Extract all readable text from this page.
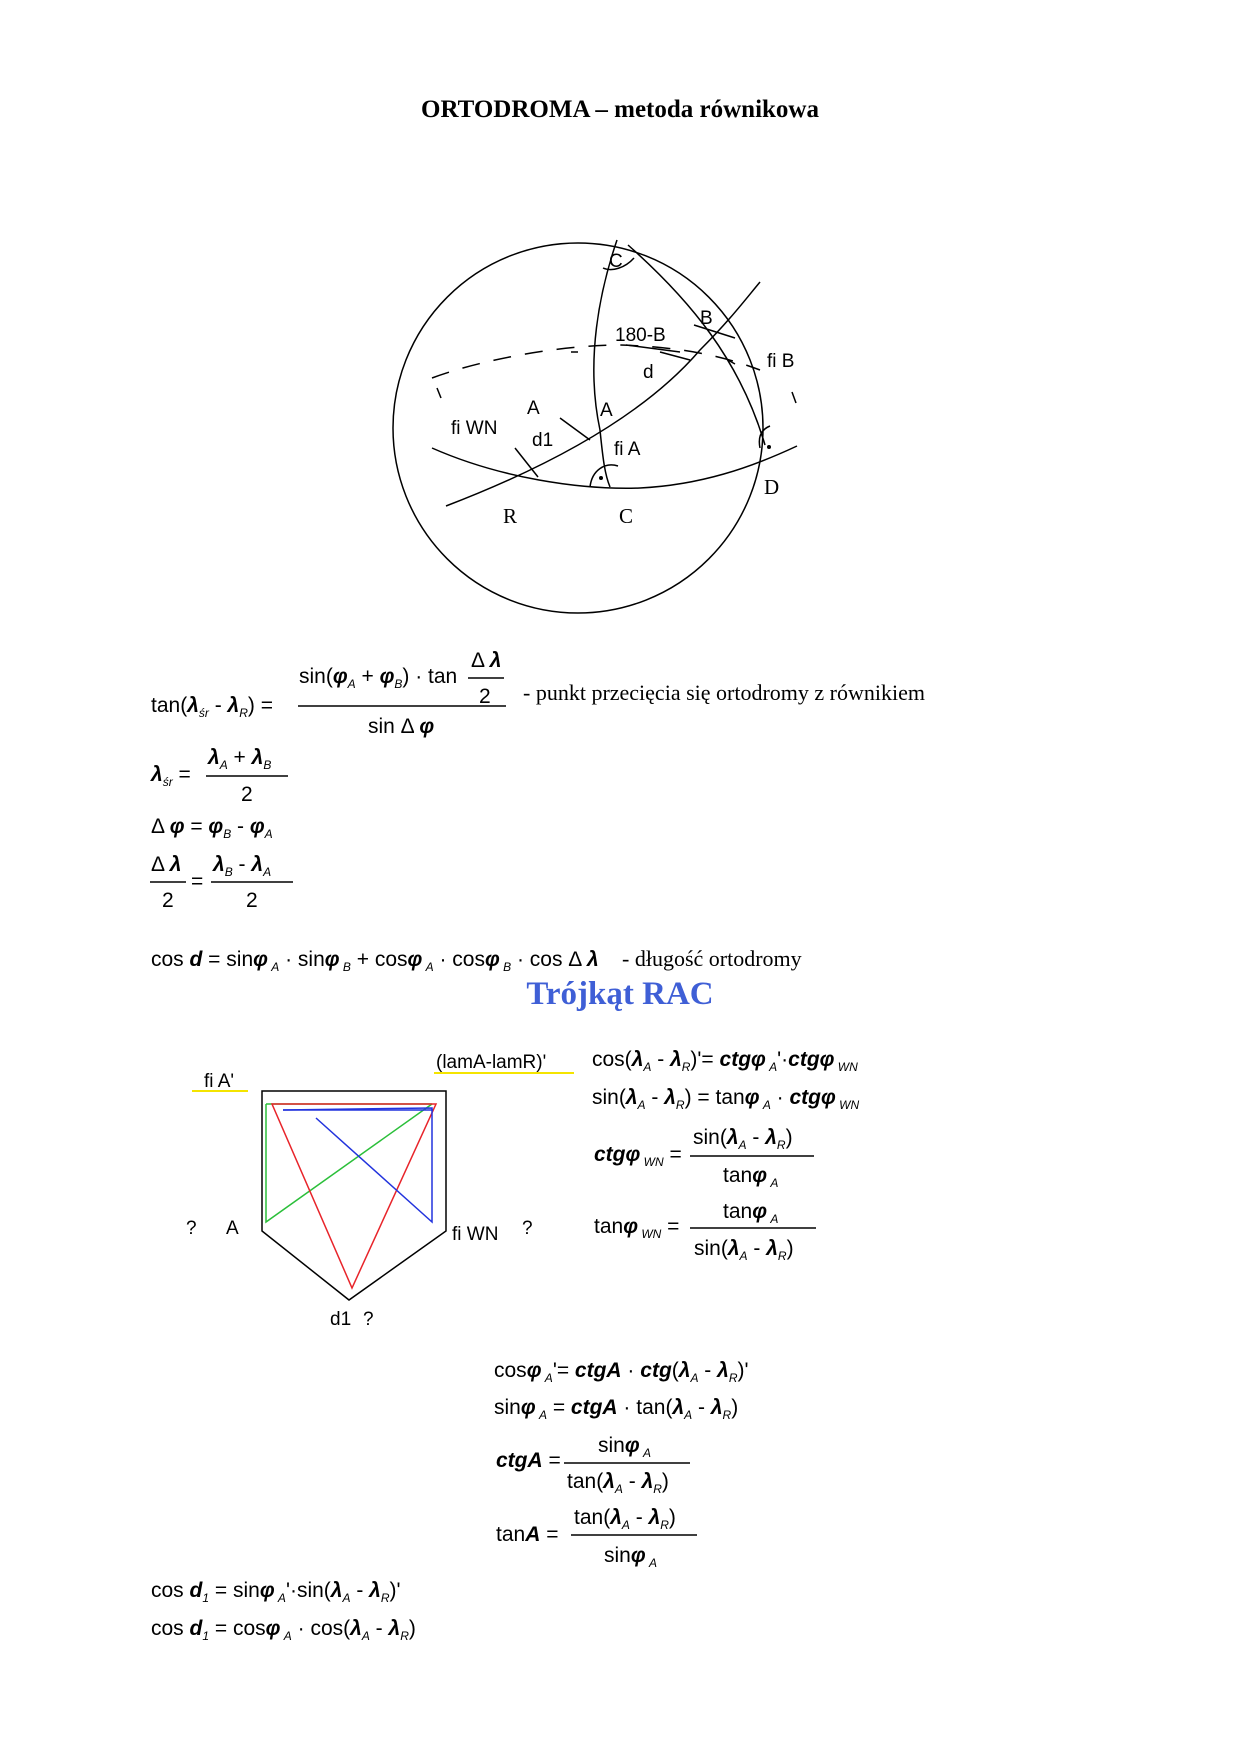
ORTODROMA – metoda równikowa
C
B
180-B
d
fi B
A	A
fi WN
d1	fi A
R	C
D
$\tan(\lambda_{śr} - \lambda_R)$ =
$\sin(\varphi_A + \varphi_B) \cdot \tan$
Δ λ
2
sin Δ φ
$\lambda_{śr}$ =
$\lambda_A + \lambda_B$
2
Δ $\varphi = \varphi_B - \varphi_A$
Δ λ
2
=
$\lambda_B - \lambda_A$
2
cos d = sinφ $_A$ · sinφ $_B$ + cosφ $_A$ · cosφ $_B$ · cos Δ λ
- punkt przecięcia się ortodromy z równikiem
- długość ortodromy
Trójkąt RAC
fi A'
(lamA-lamR)'
? A	fi WN ?
d1 ?
$\cos(\lambda_A - \lambda_R)'= ctg\varphi$ $_A$'·ctgφ $_{WN}$
$\sin(\lambda_A - \lambda_R) = \tan\varphi$ $_A$ · ctgφ $_{WN}$
ctgφ $_{WN}$ =
$\sin(\lambda_A - \lambda_R)$
tanφ $_A$
tanφ $_{WN}$ =
tanφ $_A$
$\sin(\lambda_A - \lambda_R)$
cosφ $_A$'= ctgA · $ctg(\lambda_A - \lambda_R)'$
sinφ $_A$ = ctgA · $\tan(\lambda_A - \lambda_R)$
ctgA =
sinφ $_A$
$\tan(\lambda_A - \lambda_R)$
tanA =
$\tan(\lambda_A - \lambda_R)$
sinφ $_A$
$\cos d_1 = \sin\varphi$ $_A'\cdot\sin(\lambda_A - \lambda_R)'$
$\cos d_1 = \cos\varphi$ $_A \cdot \cos(\lambda_A - \lambda_R)$
